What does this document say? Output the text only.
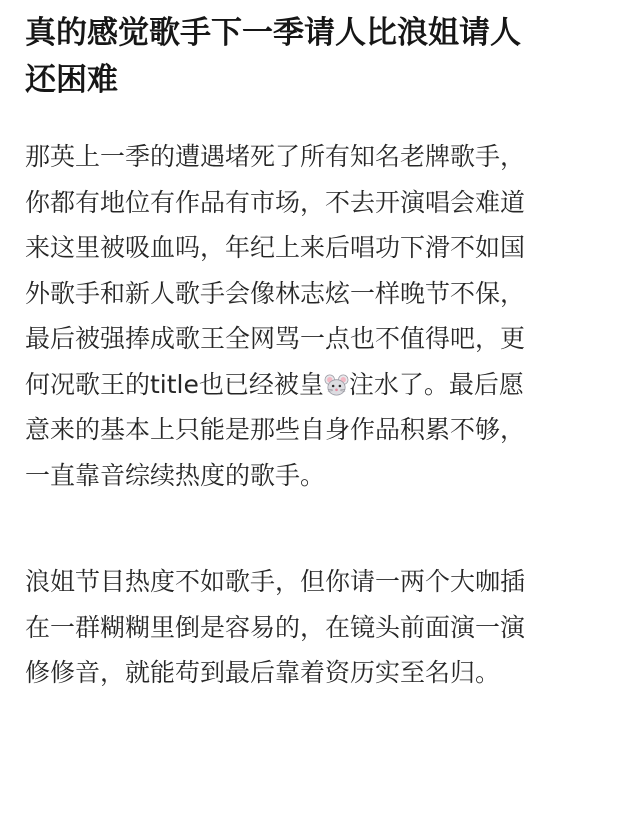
真的感觉歌手下一季请人比浪姐请人
还困难

那英上一季的遭遇堵死了所有知名老牌歌手，
你都有地位有作品有市场，不去开演唱会难道
来这里被吸血吗，年纪上来后唱功下滑不如国
外歌手和新人歌手会像林志炫一样晚节不保，
最后被强捧成歌王全网骂一点也不值得吧，更
何况歌王的title也已经被皇 注水了。最后愿
意来的基本上只能是那些自身作品积累不够，
一直靠音综续热度的歌手。

浪姐节目热度不如歌手，但你请一两个大咖插
在一群糊糊里倒是容易的，在镜头前面演一演
修修音，就能苟到最后靠着资历实至名归。
